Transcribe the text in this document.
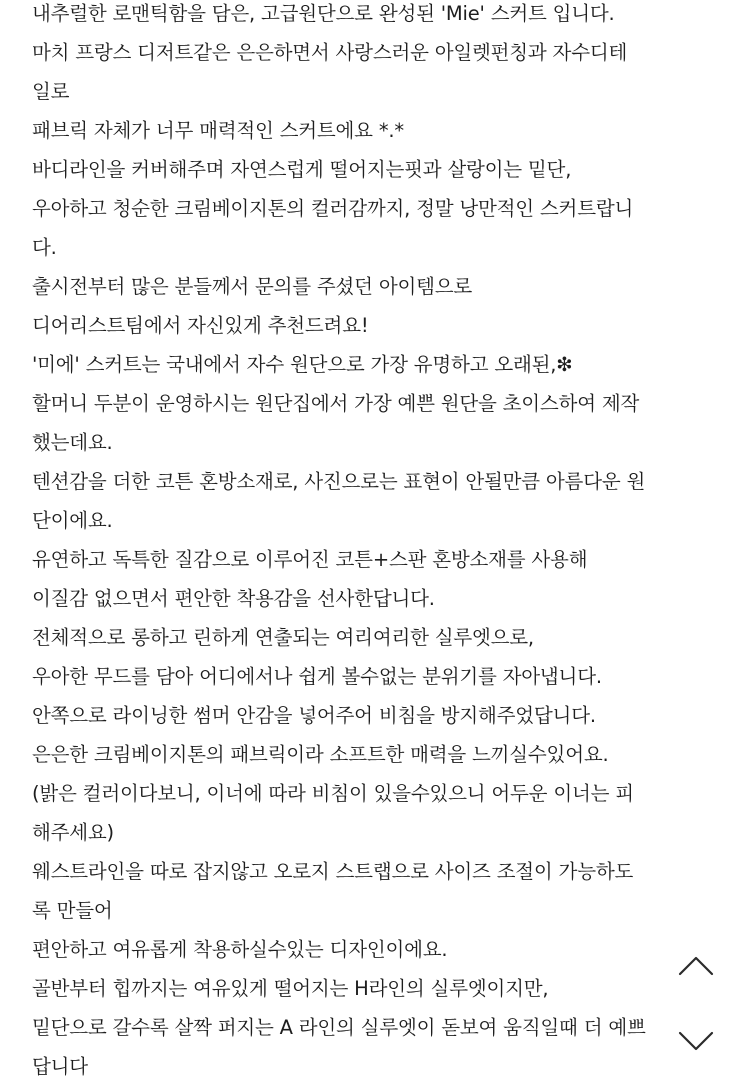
내추럴한 로맨틱함을 담은, 고급원단으로 완성된 'Mie' 스커트 입니다.
마치 프랑스 디저트같은 은은하면서 사랑스러운 아일렛펀칭과 자수디테
일로
패브릭 자체가 너무 매력적인 스커트에요 *.*
바디라인을 커버해주며 자연스럽게 떨어지는핏과 살랑이는 밑단,
우아하고 청순한 크림베이지톤의 컬러감까지, 정말 낭만적인 스커트랍니
다.
출시전부터 많은 분들께서 문의를 주셨던 아이템으로
디어리스트팀에서 자신있게 추천드려요!
'미에' 스커트는 국내에서 자수 원단으로 가장 유명하고 오래된,❇
할머니 두분이 운영하시는 원단집에서 가장 예쁜 원단을 초이스하여 제작
했는데요.
텐션감을 더한 코튼 혼방소재로, 사진으로는 표현이 안될만큼 아름다운 원
단이에요.
유연하고 독특한 질감으로 이루어진 코튼+스판 혼방소재를 사용해
이질감 없으면서 편안한 착용감을 선사한답니다.
전체적으로 롱하고 린하게 연출되는 여리여리한 실루엣으로,
우아한 무드를 담아 어디에서나 쉽게 볼수없는 분위기를 자아냅니다.
안쪽으로 라이닝한 썸머 안감을 넣어주어 비침을 방지해주었답니다.
은은한 크림베이지톤의 패브릭이라 소프트한 매력을 느끼실수있어요.
(밝은 컬러이다보니, 이너에 따라 비침이 있을수있으니 어두운 이너는 피
해주세요)
웨스트라인을 따로 잡지않고 오로지 스트랩으로 사이즈 조절이 가능하도
록 만들어
편안하고 여유롭게 착용하실수있는 디자인이에요.
골반부터 힙까지는 여유있게 떨어지는 H라인의 실루엣이지만,
밑단으로 갈수록 살짝 퍼지는 A 라인의 실루엣이 돋보여 움직일때 더 예쁘
답니다
